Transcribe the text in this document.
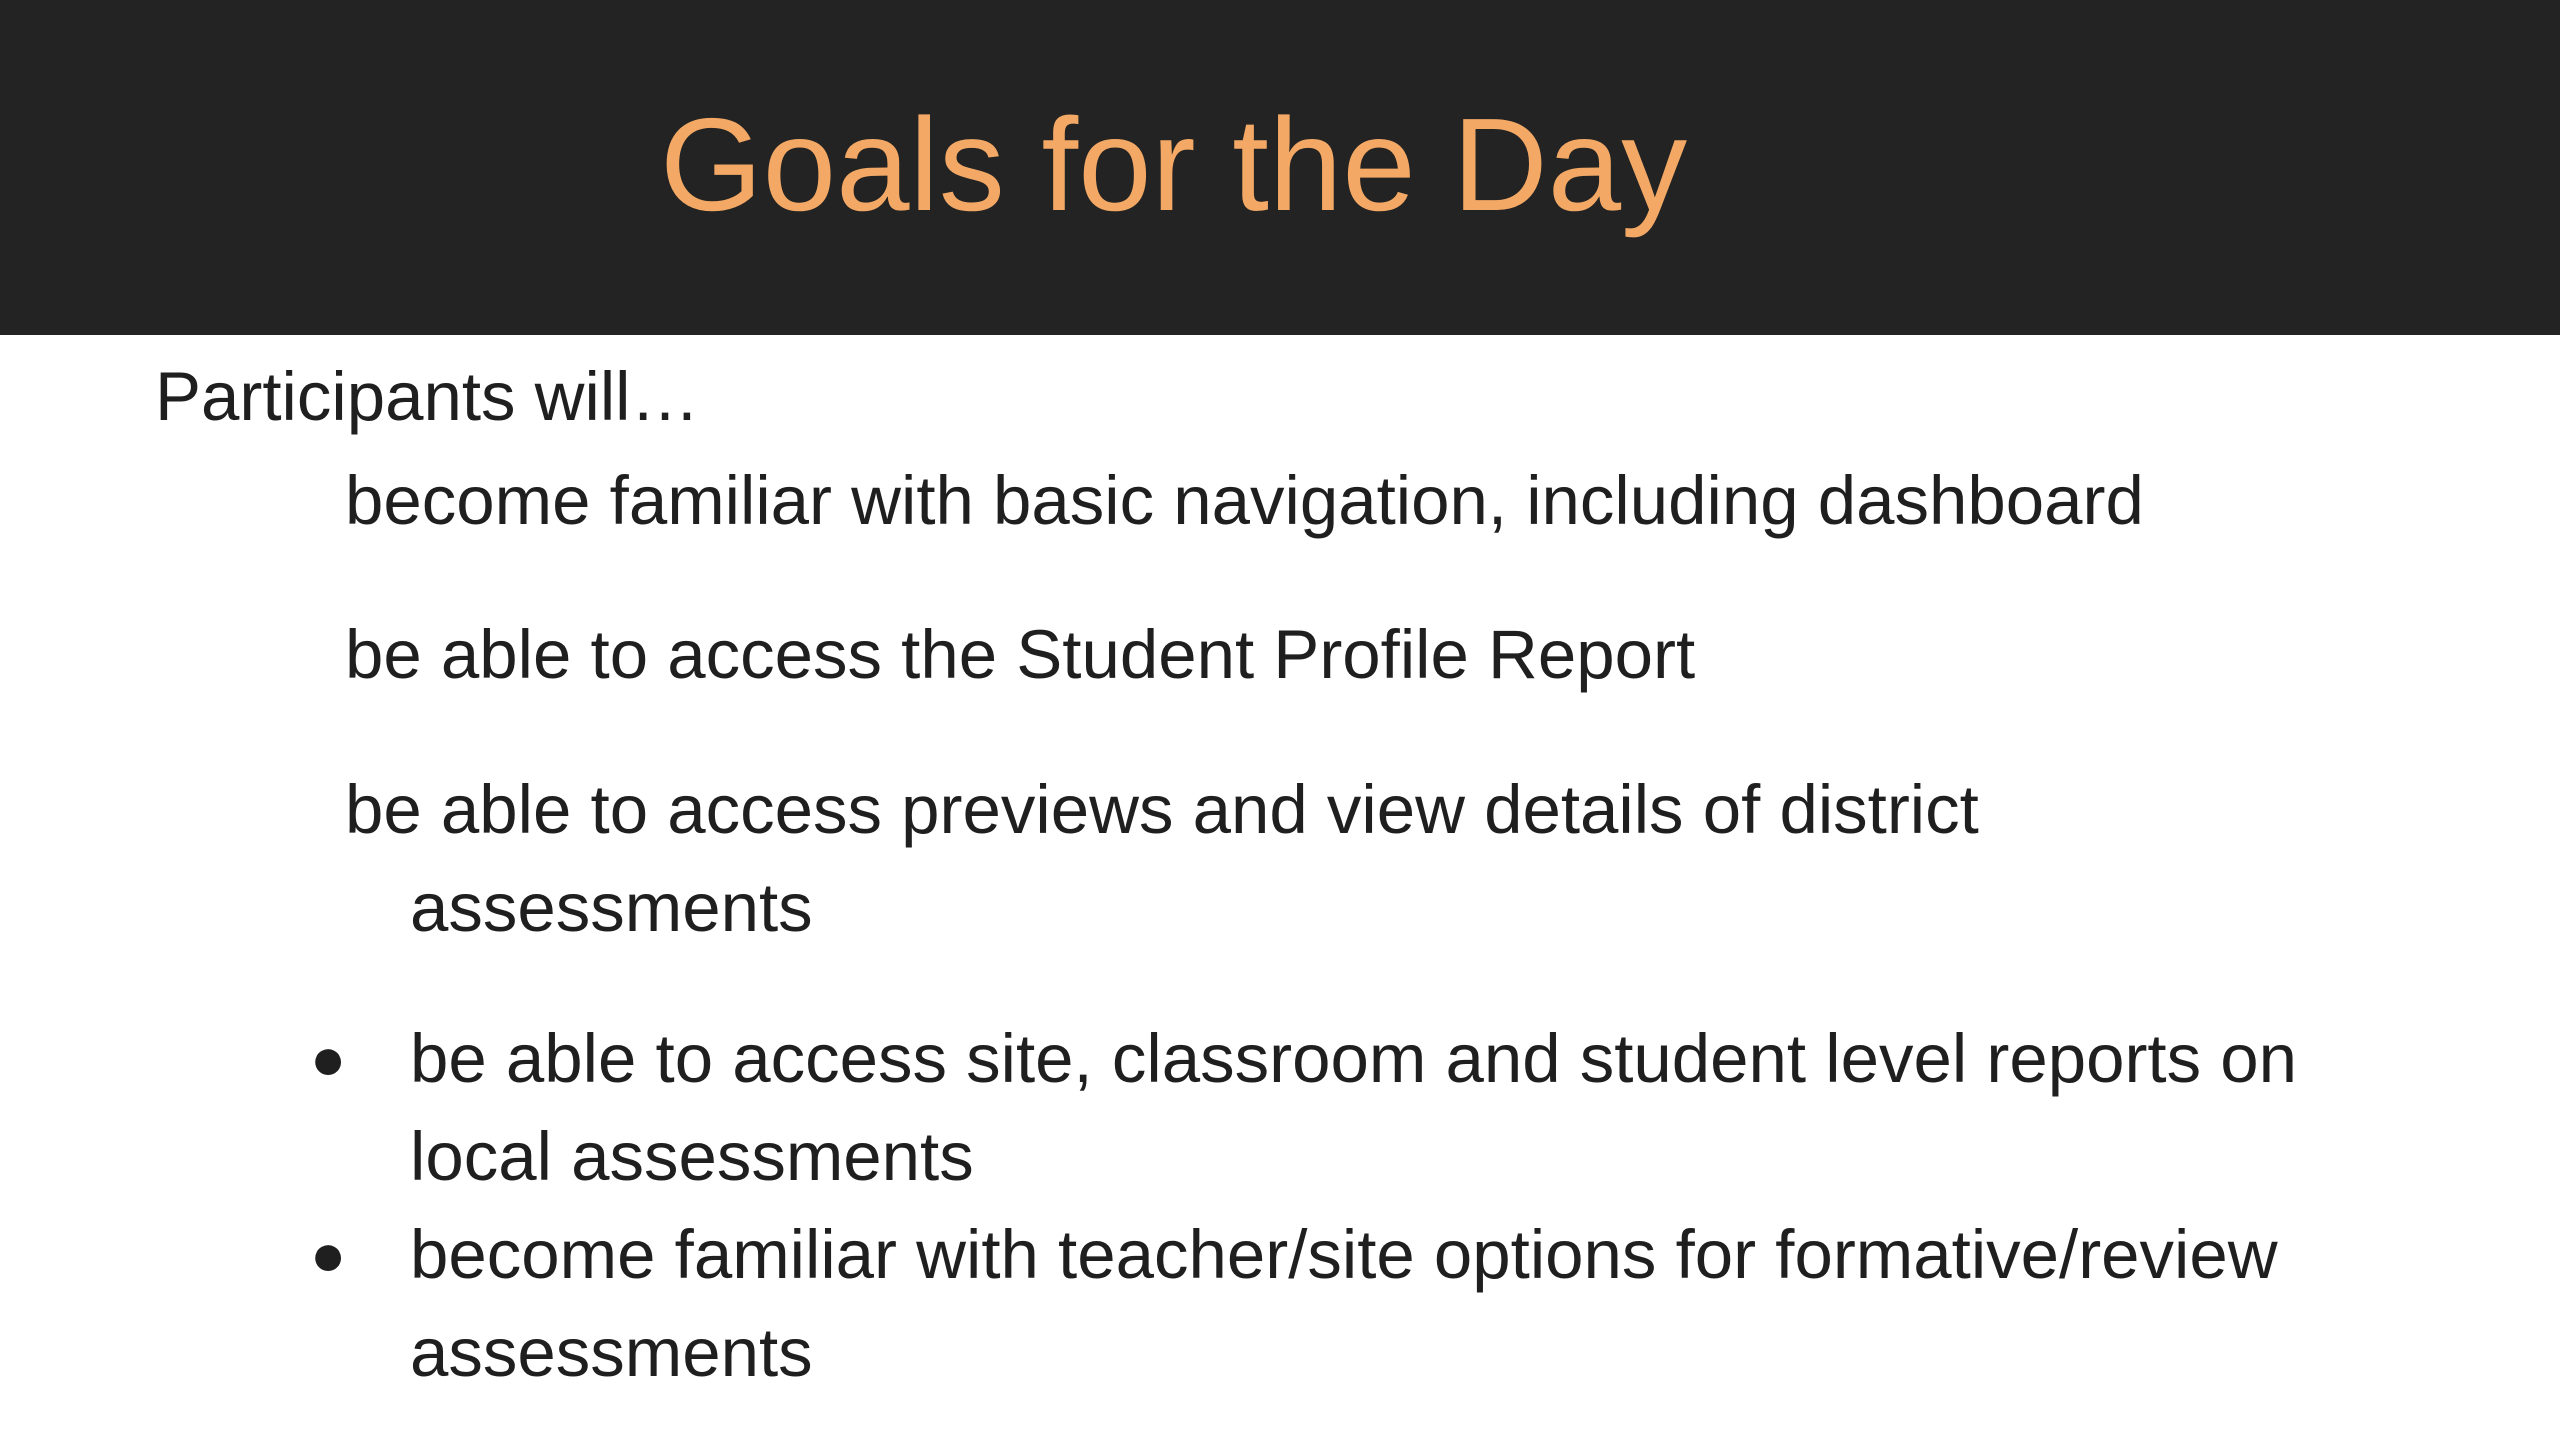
Goals for the Day
Participants will…
become familiar with basic navigation, including dashboard
be able to access the Student Profile Report
be able to access previews and view details of district
assessments
● be able to access site, classroom and student level reports on local assessments
● become familiar with teacher/site options for formative/review assessments
